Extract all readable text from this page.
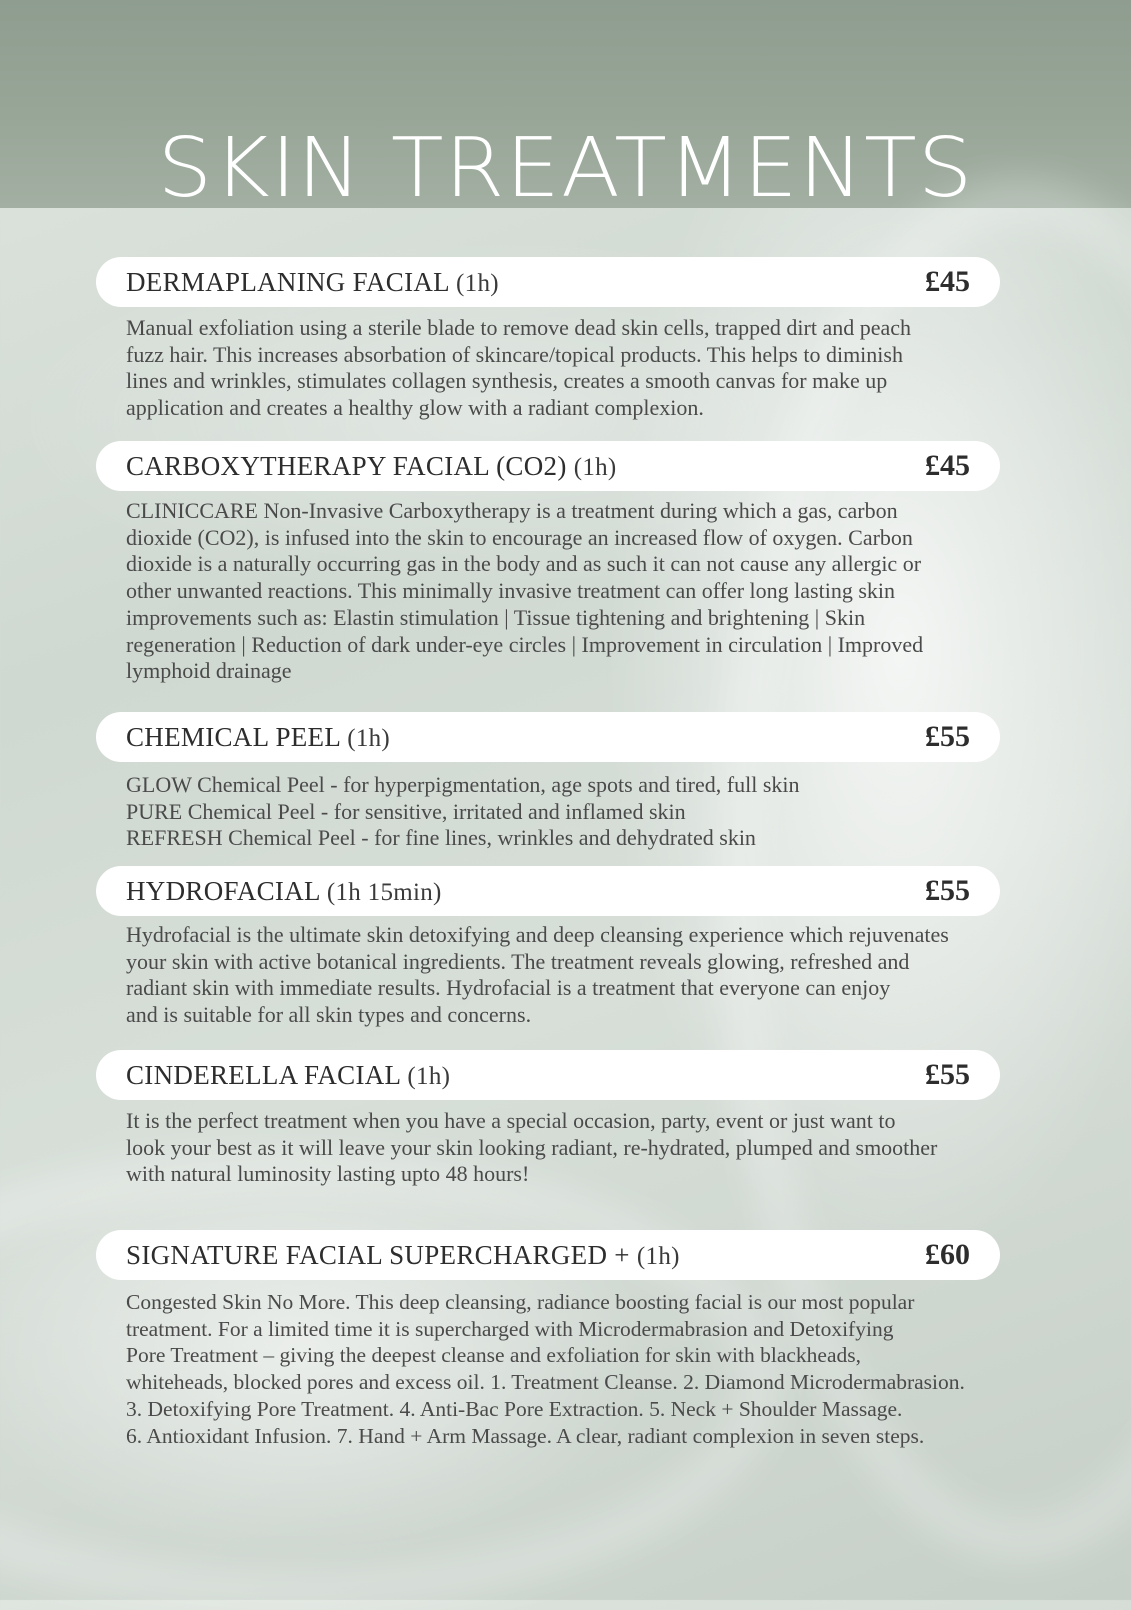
SKIN TREATMENTS
DERMAPLANING FACIAL (1h)	£45
Manual exfoliation using a sterile blade to remove dead skin cells, trapped dirt and peach
fuzz hair. This increases absorbation of skincare/topical products. This helps to diminish
lines and wrinkles, stimulates collagen synthesis, creates a smooth canvas for make up
application and creates a healthy glow with a radiant complexion.
CARBOXYTHERAPY FACIAL (CO2) (1h)	£45
CLINICCARE Non-Invasive Carboxytherapy is a treatment during which a gas, carbon
dioxide (CO2), is infused into the skin to encourage an increased flow of oxygen. Carbon
dioxide is a naturally occurring gas in the body and as such it can not cause any allergic or
other unwanted reactions. This minimally invasive treatment can offer long lasting skin
improvements such as: Elastin stimulation | Tissue tightening and brightening | Skin
regeneration | Reduction of dark under-eye circles | Improvement in circulation | Improved
lymphoid drainage
CHEMICAL PEEL (1h)	£55
GLOW Chemical Peel - for hyperpigmentation, age spots and tired, full skin
PURE Chemical Peel - for sensitive, irritated and inflamed skin
REFRESH Chemical Peel - for fine lines, wrinkles and dehydrated skin
HYDROFACIAL (1h 15min)	£55
Hydrofacial is the ultimate skin detoxifying and deep cleansing experience which rejuvenates
your skin with active botanical ingredients. The treatment reveals glowing, refreshed and
radiant skin with immediate results. Hydrofacial is a treatment that everyone can enjoy
and is suitable for all skin types and concerns.
CINDERELLA FACIAL (1h)	£55
It is the perfect treatment when you have a special occasion, party, event or just want to
look your best as it will leave your skin looking radiant, re-hydrated, plumped and smoother
with natural luminosity lasting upto 48 hours!
SIGNATURE FACIAL SUPERCHARGED + (1h)	£60
Congested Skin No More. This deep cleansing, radiance boosting facial is our most popular
treatment. For a limited time it is supercharged with Microdermabrasion and Detoxifying
Pore Treatment – giving the deepest cleanse and exfoliation for skin with blackheads,
whiteheads, blocked pores and excess oil. 1. Treatment Cleanse. 2. Diamond Microdermabrasion.
3. Detoxifying Pore Treatment. 4. Anti-Bac Pore Extraction. 5. Neck + Shoulder Massage.
6. Antioxidant Infusion. 7. Hand + Arm Massage. A clear, radiant complexion in seven steps.
